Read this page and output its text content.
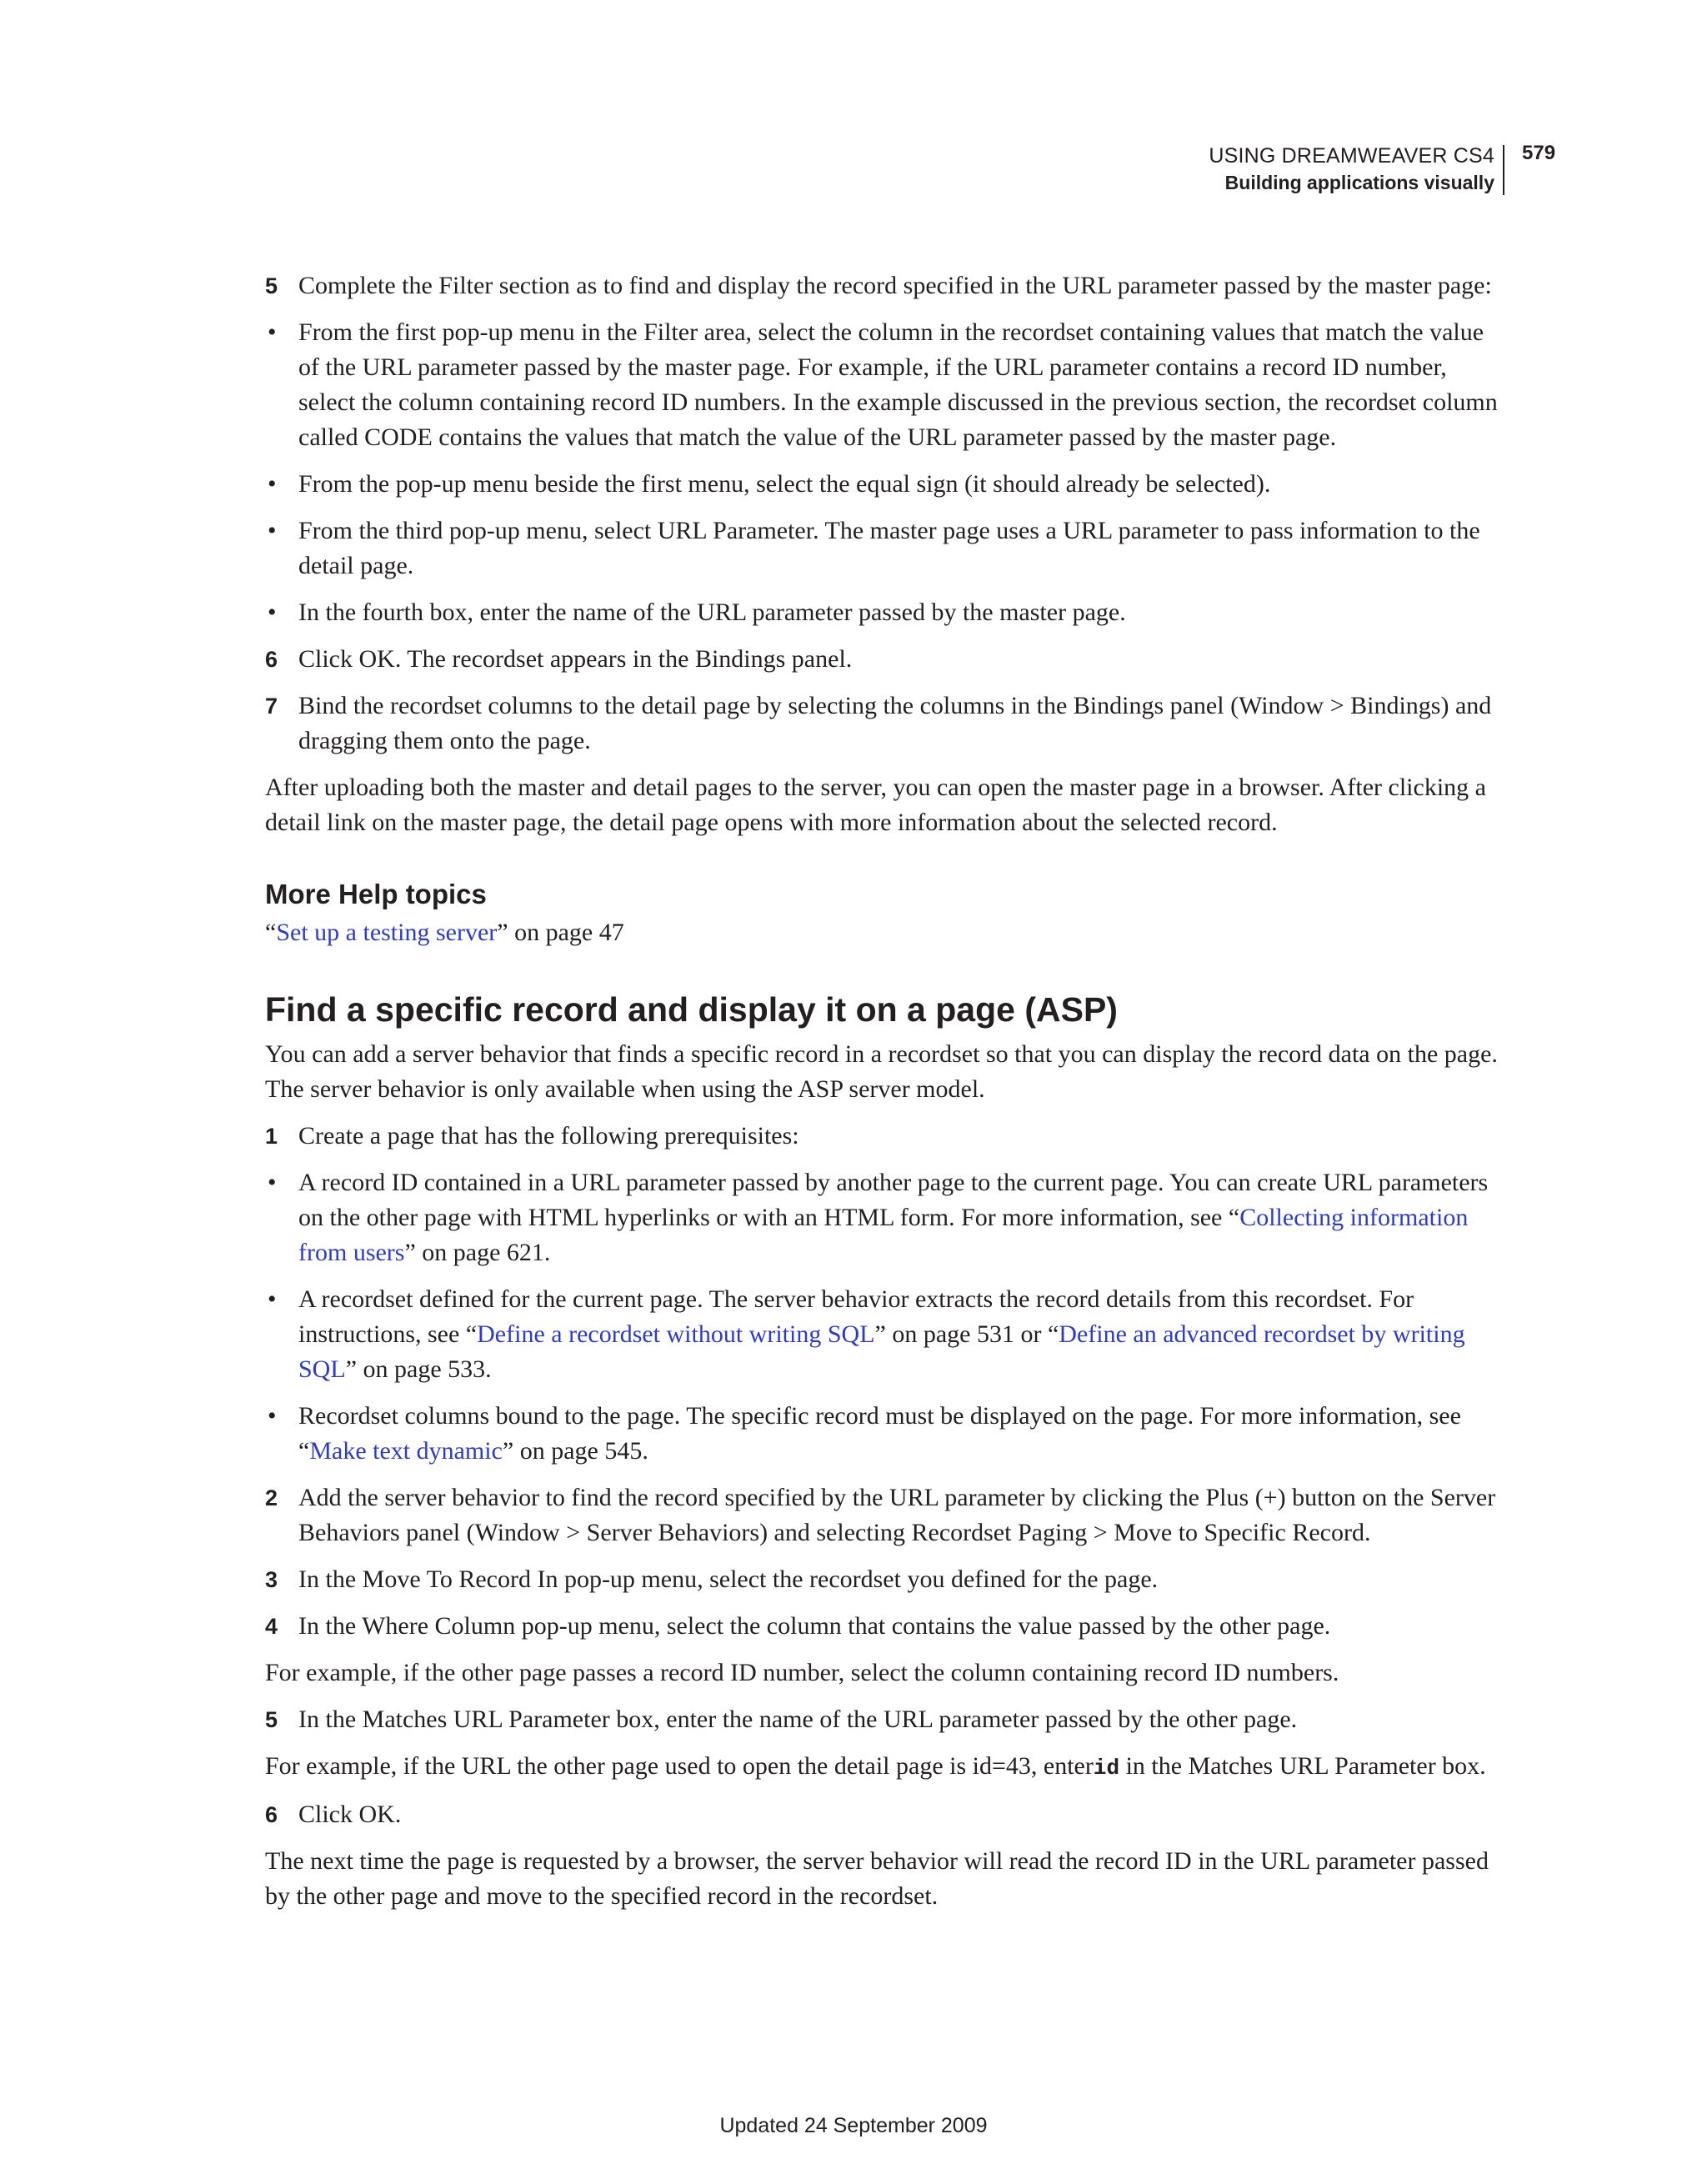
USING DREAMWEAVER CS4
Building applications visually
579
5 Complete the Filter section as to find and display the record specified in the URL parameter passed by the master page:
• From the first pop-up menu in the Filter area, select the column in the recordset containing values that match the value of the URL parameter passed by the master page. For example, if the URL parameter contains a record ID number, select the column containing record ID numbers. In the example discussed in the previous section, the recordset column called CODE contains the values that match the value of the URL parameter passed by the master page.
• From the pop-up menu beside the first menu, select the equal sign (it should already be selected).
• From the third pop-up menu, select URL Parameter. The master page uses a URL parameter to pass information to the detail page.
• In the fourth box, enter the name of the URL parameter passed by the master page.
6 Click OK. The recordset appears in the Bindings panel.
7 Bind the recordset columns to the detail page by selecting the columns in the Bindings panel (Window > Bindings) and dragging them onto the page.

After uploading both the master and detail pages to the server, you can open the master page in a browser. After clicking a detail link on the master page, the detail page opens with more information about the selected record.

More Help topics

“Set up a testing server” on page 47

Find a specific record and display it on a page (ASP)

You can add a server behavior that finds a specific record in a recordset so that you can display the record data on the page. The server behavior is only available when using the ASP server model.

1 Create a page that has the following prerequisites:
• A record ID contained in a URL parameter passed by another page to the current page. You can create URL parameters on the other page with HTML hyperlinks or with an HTML form. For more information, see “Collecting information from users” on page 621.
• A recordset defined for the current page. The server behavior extracts the record details from this recordset. For instructions, see “Define a recordset without writing SQL” on page 531 or “Define an advanced recordset by writing SQL” on page 533.
• Recordset columns bound to the page. The specific record must be displayed on the page. For more information, see “Make text dynamic” on page 545.
2 Add the server behavior to find the record specified by the URL parameter by clicking the Plus (+) button on the Server Behaviors panel (Window > Server Behaviors) and selecting Recordset Paging > Move to Specific Record.
3 In the Move To Record In pop-up menu, select the recordset you defined for the page.
4 In the Where Column pop-up menu, select the column that contains the value passed by the other page.

For example, if the other page passes a record ID number, select the column containing record ID numbers.

5 In the Matches URL Parameter box, enter the name of the URL parameter passed by the other page.

For example, if the URL the other page used to open the detail page is id=43, enterid in the Matches URL Parameter box.

6 Click OK.

The next time the page is requested by a browser, the server behavior will read the record ID in the URL parameter passed by the other page and move to the specified record in the recordset.

Updated 24 September 2009
